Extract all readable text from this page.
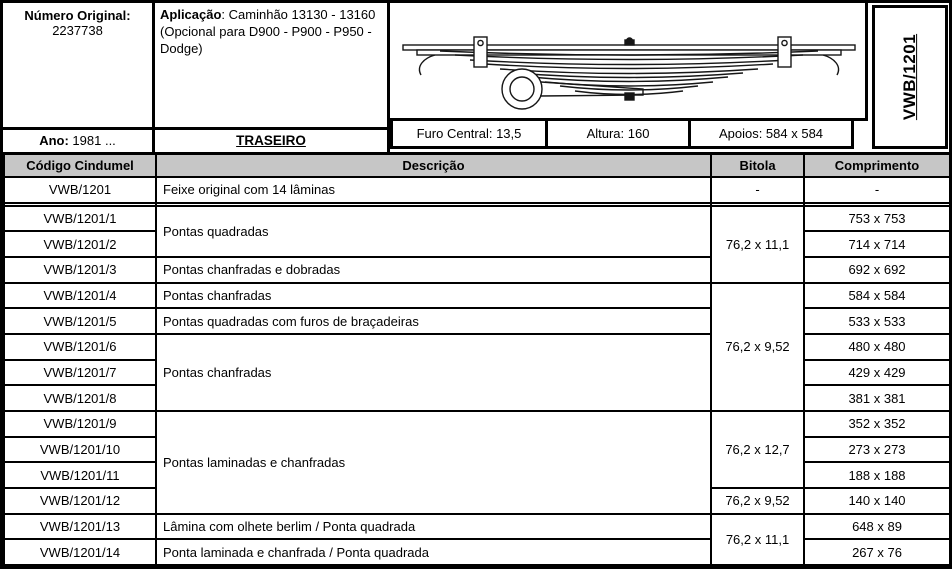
Número Original:
2237738
Aplicação: Caminhão 13130 - 13160 (Opcional para D900 - P900 - P950 - Dodge)	VWB/1201
Ano: 1981 ...	TRASEIRO	Furo Central: 13,5	Altura: 160	Apoios: 584 x 584
Código Cindumel	Descrição	Bitola	Comprimento
VWB/1201	Feixe original com 14 lâminas	-	-

VWB/1201/1	Pontas quadradas	76,2 x 11,1	753 x 753
VWB/1201/2			714 x 714
VWB/1201/3	Pontas chanfradas e dobradas		692 x 692
VWB/1201/4	Pontas chanfradas	76,2 x 9,52	584 x 584
VWB/1201/5	Pontas quadradas com furos de braçadeiras		533 x 533
VWB/1201/6	Pontas chanfradas		480 x 480
VWB/1201/7			429 x 429
VWB/1201/8			381 x 381
VWB/1201/9	Pontas laminadas e chanfradas	76,2 x 12,7	352 x 352
VWB/1201/10			273 x 273
VWB/1201/11			188 x 188
VWB/1201/12		76,2 x 9,52	140 x 140
VWB/1201/13	Lâmina com olhete berlim / Ponta quadrada	76,2 x 11,1	648 x 89
VWB/1201/14	Ponta laminada e chanfrada / Ponta quadrada		267 x 76
